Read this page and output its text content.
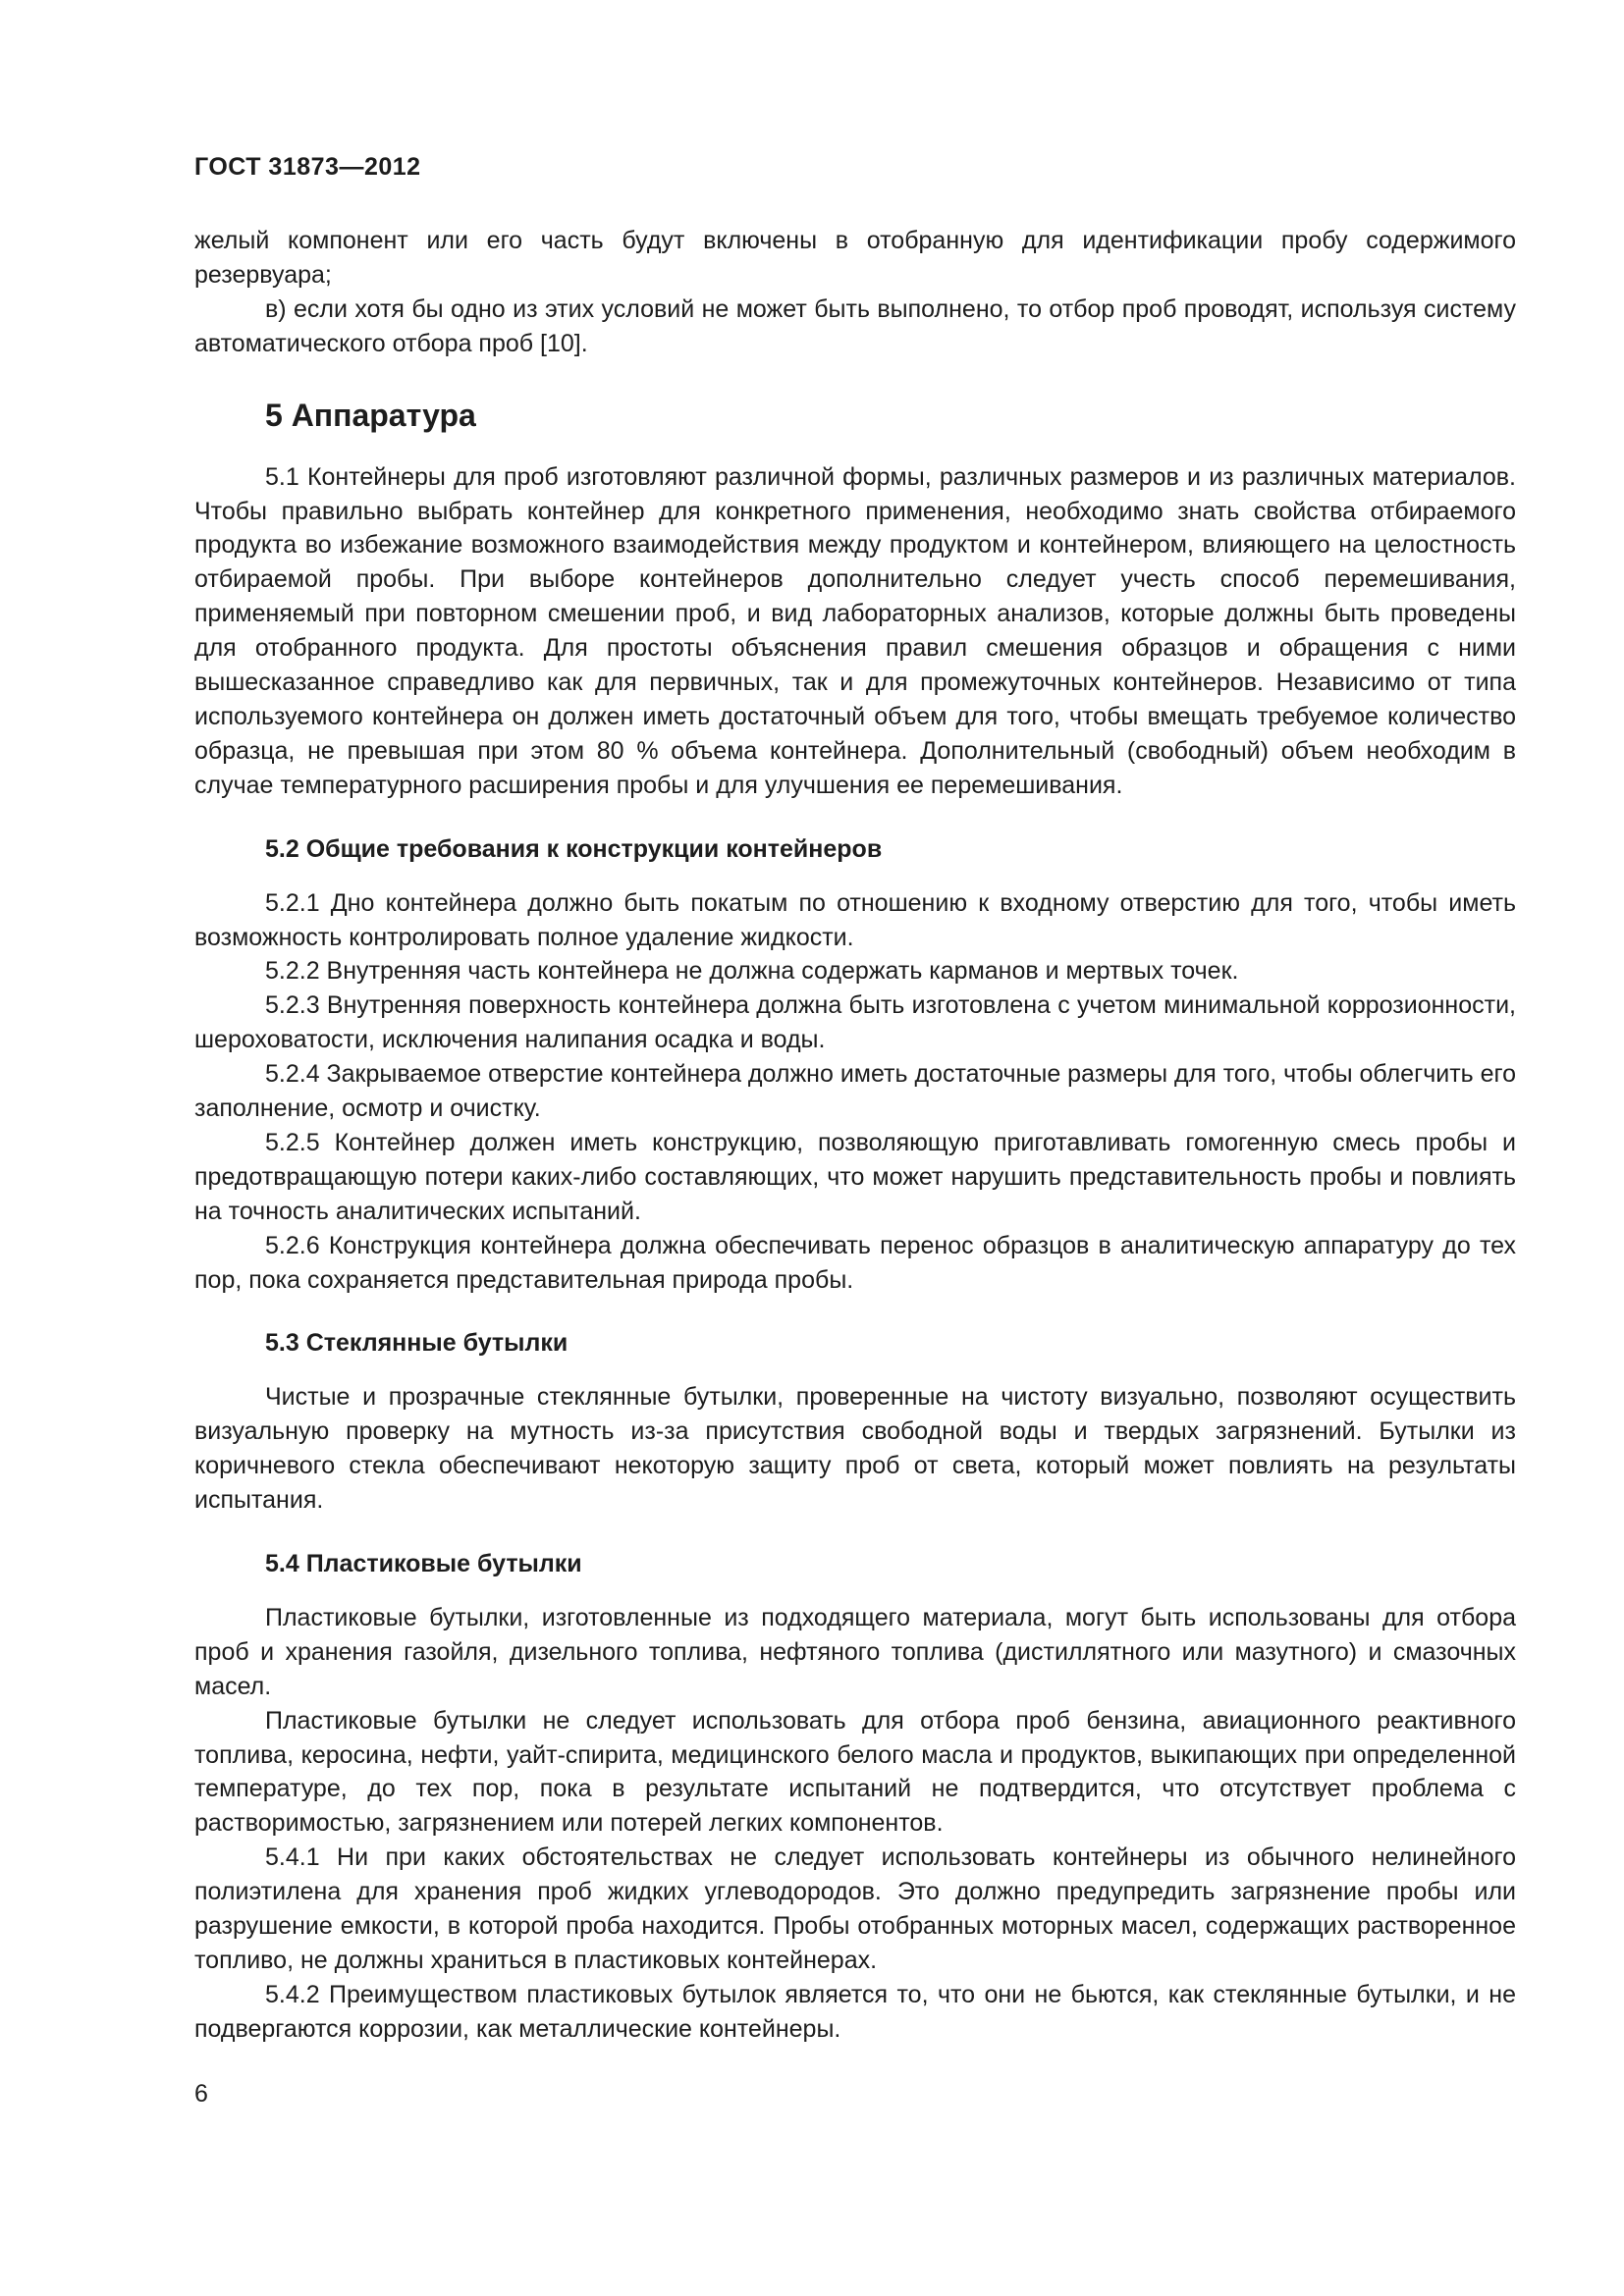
ГОСТ 31873—2012

желый компонент или его часть будут включены в отобранную для идентификации пробу содержимого резервуара;

в) если хотя бы одно из этих условий не может быть выполнено, то отбор проб проводят, используя систему автоматического отбора проб [10].

5 Аппаратура

5.1 Контейнеры для проб изготовляют различной формы, различных размеров и из различных материалов. Чтобы правильно выбрать контейнер для конкретного применения, необходимо знать свойства отбираемого продукта во избежание возможного взаимодействия между продуктом и контейнером, влияющего на целостность отбираемой пробы. При выборе контейнеров дополнительно следует учесть способ перемешивания, применяемый при повторном смешении проб, и вид лабораторных анализов, которые должны быть проведены для отобранного продукта. Для простоты объяснения правил смешения образцов и обращения с ними вышесказанное справедливо как для первичных, так и для промежуточных контейнеров. Независимо от типа используемого контейнера он должен иметь достаточный объем для того, чтобы вмещать требуемое количество образца, не превышая при этом 80 % объема контейнера. Дополнительный (свободный) объем необходим в случае температурного расширения пробы и для улучшения ее перемешивания.

5.2 Общие требования к конструкции контейнеров

5.2.1 Дно контейнера должно быть покатым по отношению к входному отверстию для того, чтобы иметь возможность контролировать полное удаление жидкости.

5.2.2 Внутренняя часть контейнера не должна содержать карманов и мертвых точек.

5.2.3 Внутренняя поверхность контейнера должна быть изготовлена с учетом минимальной коррозионности, шероховатости, исключения налипания осадка и воды.

5.2.4 Закрываемое отверстие контейнера должно иметь достаточные размеры для того, чтобы облегчить его заполнение, осмотр и очистку.

5.2.5 Контейнер должен иметь конструкцию, позволяющую приготавливать гомогенную смесь пробы и предотвращающую потери каких-либо составляющих, что может нарушить представительность пробы и повлиять на точность аналитических испытаний.

5.2.6 Конструкция контейнера должна обеспечивать перенос образцов в аналитическую аппаратуру до тех пор, пока сохраняется представительная природа пробы.

5.3 Стеклянные бутылки

Чистые и прозрачные стеклянные бутылки, проверенные на чистоту визуально, позволяют осуществить визуальную проверку на мутность из-за присутствия свободной воды и твердых загрязнений. Бутылки из коричневого стекла обеспечивают некоторую защиту проб от света, который может повлиять на результаты испытания.

5.4 Пластиковые бутылки

Пластиковые бутылки, изготовленные из подходящего материала, могут быть использованы для отбора проб и хранения газойля, дизельного топлива, нефтяного топлива (дистиллятного или мазутного) и смазочных масел.

Пластиковые бутылки не следует использовать для отбора проб бензина, авиационного реактивного топлива, керосина, нефти, уайт-спирита, медицинского белого масла и продуктов, выкипающих при определенной температуре, до тех пор, пока в результате испытаний не подтвердится, что отсутствует проблема с растворимостью, загрязнением или потерей легких компонентов.

5.4.1 Ни при каких обстоятельствах не следует использовать контейнеры из обычного нелинейного полиэтилена для хранения проб жидких углеводородов. Это должно предупредить загрязнение пробы или разрушение емкости, в которой проба находится. Пробы отобранных моторных масел, содержащих растворенное топливо, не должны храниться в пластиковых контейнерах.

5.4.2 Преимуществом пластиковых бутылок является то, что они не бьются, как стеклянные бутылки, и не подвергаются коррозии, как металлические контейнеры.

6
